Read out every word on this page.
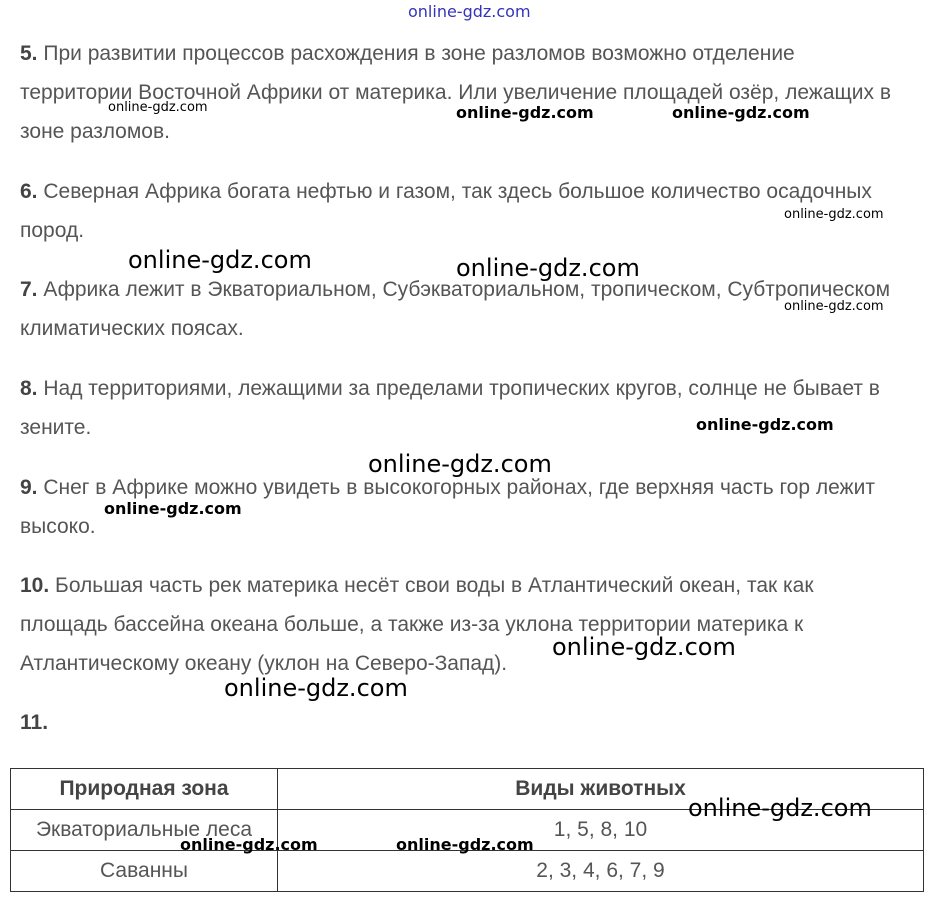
online-gdz.com

5. При развитии процессов расхождения в зоне разломов возможно отделение территории Восточной Африки от материка. Или увеличение площадей озёр, лежащих в зоне разломов.

6. Северная Африка богата нефтью и газом, так здесь большое количество осадочных пород.

7. Африка лежит в Экваториальном, Субэкваториальном, тропическом, Субтропическом климатических поясах.

8. Над территориями, лежащими за пределами тропических кругов, солнце не бывает в зените.

9. Снег в Африке можно увидеть в высокогорных районах, где верхняя часть гор лежит высоко.

10. Большая часть рек материка несёт свои воды в Атлантический океан, так как площадь бассейна океана больше, а также из-за уклона территории материка к Атлантическому океану (уклон на Северо-Запад).

11.

Природная зона	Виды животных
Экваториальные леса	1, 5, 8, 10
Саванны	2, 3, 4, 6, 7, 9
online-gdz.com	online-gdz.com	online-gdz.com
online-gdz.com
online-gdz.com	online-gdz.com
online-gdz.com
online-gdz.com
online-gdz.com
online-gdz.com
online-gdz.com
online-gdz.com
online-gdz.com
online-gdz.com	online-gdz.com
